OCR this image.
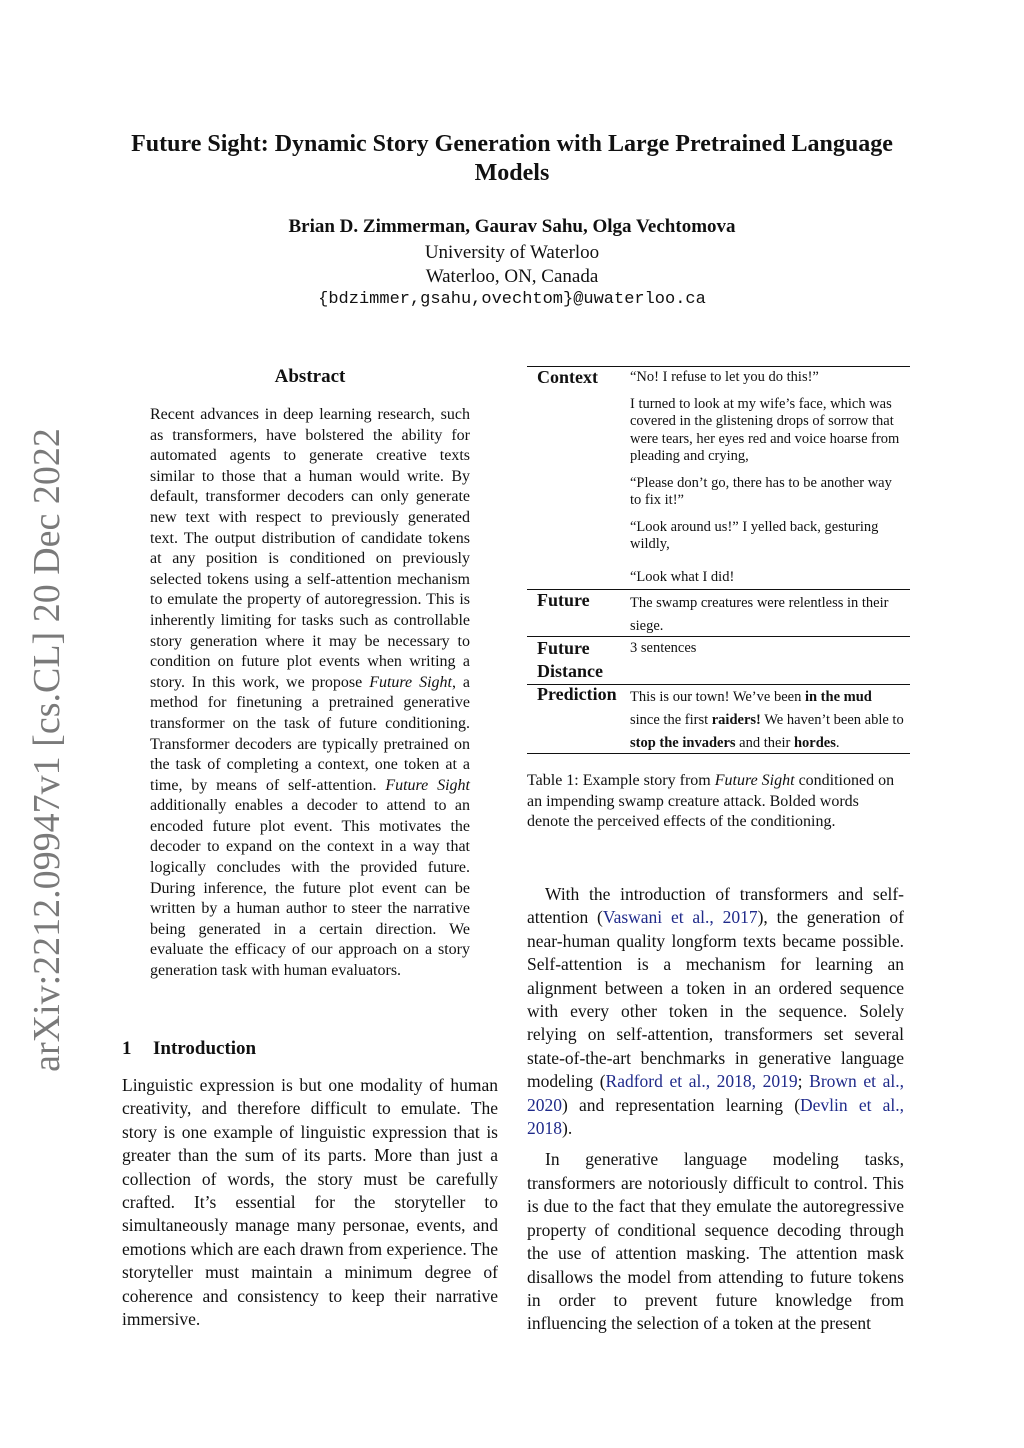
Future Sight: Dynamic Story Generation with Large Pretrained Language Models
Brian D. Zimmerman, Gaurav Sahu, Olga Vechtomova
University of Waterloo
Waterloo, ON, Canada
{bdzimmer,gsahu,ovechtom}@uwaterloo.ca
arXiv:2212.09947v1 [cs.CL] 20 Dec 2022
Abstract
Recent advances in deep learning research, such as transformers, have bolstered the ability for automated agents to generate creative texts similar to those that a human would write. By default, transformer decoders can only generate new text with respect to previously generated text. The output distribution of candidate tokens at any position is conditioned on previously selected tokens using a self-attention mechanism to emulate the property of autoregression. This is inherently limiting for tasks such as controllable story generation where it may be necessary to condition on future plot events when writing a story. In this work, we propose Future Sight, a method for finetuning a pretrained generative transformer on the task of future conditioning. Transformer decoders are typically pretrained on the task of completing a context, one token at a time, by means of self-attention. Future Sight additionally enables a decoder to attend to an encoded future plot event. This motivates the decoder to expand on the context in a way that logically concludes with the provided future. During inference, the future plot event can be written by a human author to steer the narrative being generated in a certain direction. We evaluate the efficacy of our approach on a story generation task with human evaluators.
1 Introduction
Linguistic expression is but one modality of human creativity, and therefore difficult to emulate. The story is one example of linguistic expression that is greater than the sum of its parts. More than just a collection of words, the story must be carefully crafted. It’s essential for the storyteller to simultaneously manage many personae, events, and emotions which are each drawn from experience. The storyteller must maintain a minimum degree of coherence and consistency to keep their narrative immersive.
Context “No! I refuse to let you do this!”
I turned to look at my wife’s face, which was covered in the glistening drops of sorrow that were tears, her eyes red and voice hoarse from pleading and crying,
“Please don’t go, there has to be another way to fix it!”
“Look around us!” I yelled back, gesturing wildly,
“Look what I did!
Future	The swamp creatures were relentless in their siege.
Future
Distance
3 sentences
Prediction This is our town! We’ve been in the mud since the first raiders! We haven’t been able to stop the invaders and their hordes.
Table 1: Example story from Future Sight conditioned on an impending swamp creature attack. Bolded words denote the perceived effects of the conditioning.

With the introduction of transformers and self-attention (Vaswani et al., 2017), the generation of near-human quality longform texts became possible. Self-attention is a mechanism for learning an alignment between a token in an ordered sequence with every other token in the sequence. Solely relying on self-attention, transformers set several state-of-the-art benchmarks in generative language modeling (Radford et al., 2018, 2019; Brown et al., 2020) and representation learning (Devlin et al., 2018).

In generative language modeling tasks, transformers are notoriously difficult to control. This is due to the fact that they emulate the autoregressive property of conditional sequence decoding through the use of attention masking. The attention mask disallows the model from attending to future tokens in order to prevent future knowledge from influencing the selection of a token at the present
